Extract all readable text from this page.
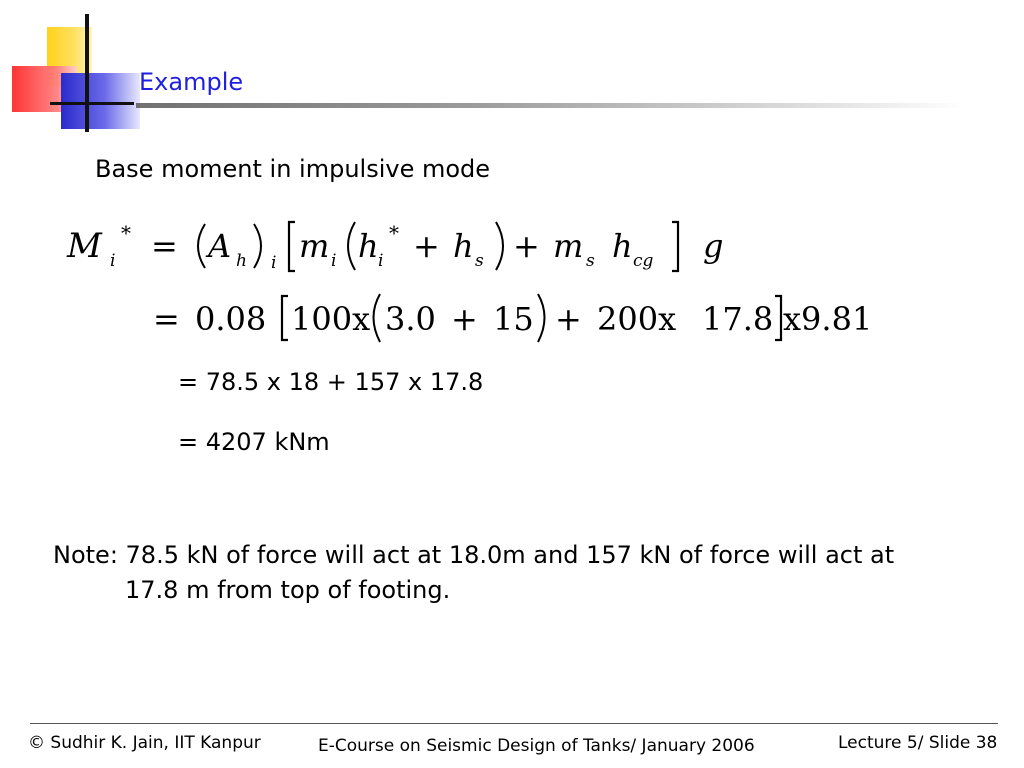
Example
Base moment in impulsive mode
M i
* = A h i m i h i
* + h s + m s h cg g
= 0.08 100x 3.0 + 15 + 200x 17.8 x9.81
= 78.5 x 18 + 157 x 17.8
= 4207 kNm
Note: 78.5 kN of force will act at 18.0m and 157 kN of force will act at
17.8 m from top of footing.
© Sudhir K. Jain, IIT Kanpur	E-Course on Seismic Design of Tanks/ January 2006	Lecture 5/ Slide 38
